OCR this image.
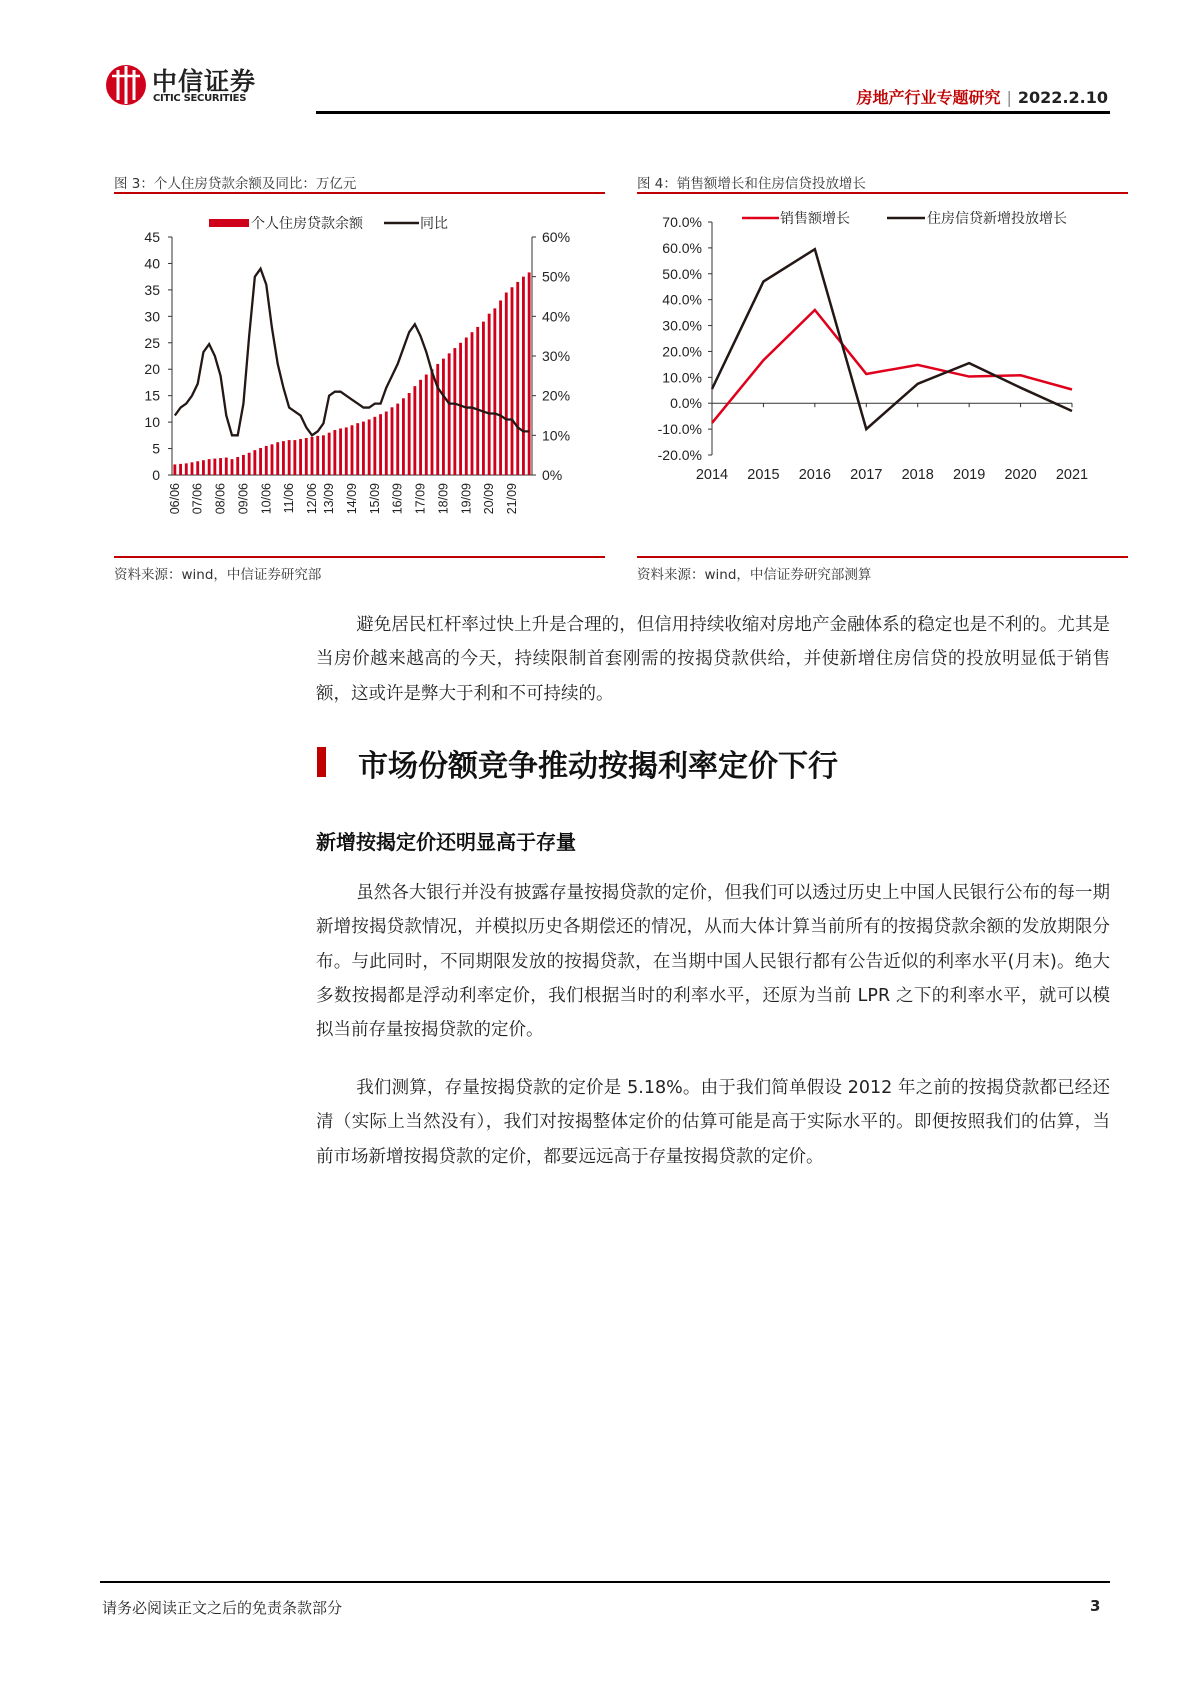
中信证券
CITIC SECURITIES	房地产行业专题研究 | 2022.2.10
图 3：个人住房贷款余额及同比：万亿元
0
5
10
15
20
25
30
35
40
45
0%
10%
20%
30%
40%
50%
60%
06/06 07/06 08/06 09/06 10/06 11/06 12/06 13/09 14/09 15/09 16/09 17/09 18/09 19/09 20/09 21/09
个人住房贷款余额	同比
资料来源：wind，中信证券研究部
图 4：销售额增长和住房信贷投放增长
-20.0%
-10.0%
0.0%
10.0%
20.0%
30.0%
40.0%
50.0%
60.0%
70.0%
2014 2015 2016 2017 2018 2019 2020 2021
销售额增长	住房信贷新增投放增长
资料来源：wind，中信证券研究部测算
避免居民杠杆率过快上升是合理的，但信用持续收缩对房地产金融体系的稳定也是不利的。尤其是当房价越来越高的今天，持续限制首套刚需的按揭贷款供给，并使新增住房信贷的投放明显低于销售额，这或许是弊大于利和不可持续的。
市场份额竞争推动按揭利率定价下行
新增按揭定价还明显高于存量
虽然各大银行并没有披露存量按揭贷款的定价，但我们可以透过历史上中国人民银行公布的每一期新增按揭贷款情况，并模拟历史各期偿还的情况，从而大体计算当前所有的按揭贷款余额的发放期限分布。与此同时，不同期限发放的按揭贷款，在当期中国人民银行都有公告近似的利率水平(月末)。绝大多数按揭都是浮动利率定价，我们根据当时的利率水平，还原为当前 LPR 之下的利率水平，就可以模拟当前存量按揭贷款的定价。
我们测算，存量按揭贷款的定价是 5.18%。由于我们简单假设 2012 年之前的按揭贷款都已经还清（实际上当然没有），我们对按揭整体定价的估算可能是高于实际水平的。即便按照我们的估算，当前市场新增按揭贷款的定价，都要远远高于存量按揭贷款的定价。
请务必阅读正文之后的免责条款部分	3
